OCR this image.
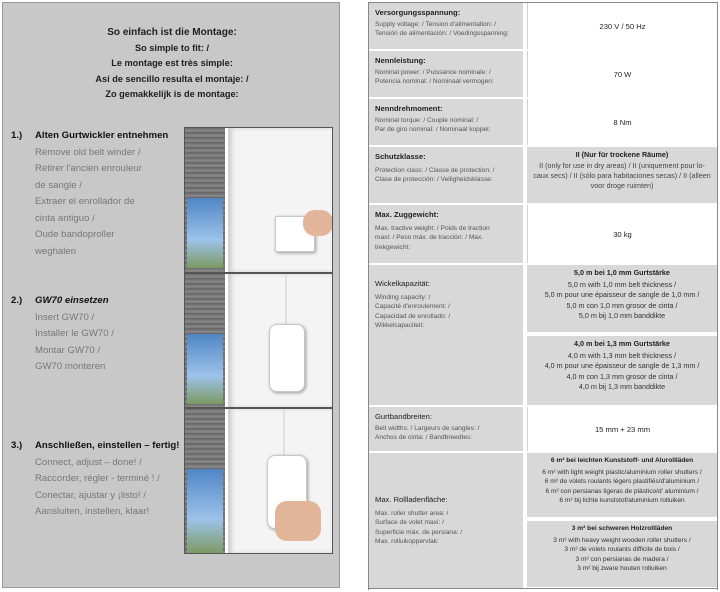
So einfach ist die Montage:
So simple to fit: /
Le montage est très simple:
Así de sencillo resulta el montaje: /
Zo gemakkelijk is de montage:
1.) Alten Gurtwickler entnehmen
Remove old belt winder /
Retirer l'ancien enrouleur
de sangle /
Extraer el enrollador de
cinta antiguo /
Oude bandoproller
weghalen
2.) GW70 einsetzen
Insert GW70 /
Installer le GW70 /
Montar GW70 /
GW70 monteren
3.) Anschließen, einstellen – fertig!
Connect, adjust – done! /
Raccorder, régler - terminé ! /
Conectar, ajustar y ¡listo! /
Aansluiten, instellen, klaar!
Versorgungsspannung:
Supply voltage: / Tension d'alimentation: /
Tensión de alimentación: / Voedingsspanning:
230 V / 50 Hz
Nennleistung:
Nominal power: / Puissance nominale: /
Potencia nominal: / Nominaal vermogen:
70 W
Nenndrehmoment:
Nominal torque: / Couple nominal: /
Par de giro nominal: / Nominaal koppel:
8 Nm
Schutzklasse:
Protection class: / Classe de protection: /
Clase de protección: / Veiligheidsklasse:
II (Nur für trockene Räume)
II (only for use in dry areas) / II (uniquement pour lo-
caux secs) / II (sólo para habitaciones secas) / II (alleen
voor droge ruimten)
Max. Zuggewicht:
Max. tractive weight: / Poids de traction
maxi: / Peso máx. de tracción: / Max.
trekgewicht:
30 kg
Wickelkapazität:
Winding capacity: /
Capacité d'enroulement: /
Capacidad de enrollado: /
Wikkelcapaciteit:
5,0 m bei 1,0 mm Gurtstärke
5,0 m with 1,0 mm belt thickness /
5,0 m pour une épaisseur de sangle de 1,0 mm /
5,0 m con 1,0 mm grosor de cinta /
5,0 m bij 1,0 mm banddikte
4,0 m bei 1,3 mm Gurtstärke
4,0 m with 1,3 mm belt thickness /
4,0 m pour une épaisseur de sangle de 1,3 mm /
4,0 m con 1,3 mm grosor de cinta /
4,0 m bij 1,3 mm banddikte
Gurtbandbreiten:
Belt widths: / Largeurs de sangles: /
Anchos de cinta: / Bandbreedtes:
15 mm + 23 mm
Max. Rollladenfläche:
Max. roller shutter area: /
Surface de volet maxi: /
Superficie máx. de persiana: /
Max. rolluikoppervlak:
6 m² bei leichten Kunststoff- und Alurollläden
6 m² with light weight plastic/aluminium roller shutters /
6 m² de volets roulants légers plastifiés/d'aluminium /
6 m² con persianas ligeras de plástico/d' aluminium /
6 m² bij lichte kunststof/aluminium rolluiken
3 m² bei schweren Holzrollläden
3 m² with heavy weight wooden roller shutters /
3 m² de volets roulants difficile de bois /
3 m² con persianas de madera /
3 m² bij zware houten rolluiken
